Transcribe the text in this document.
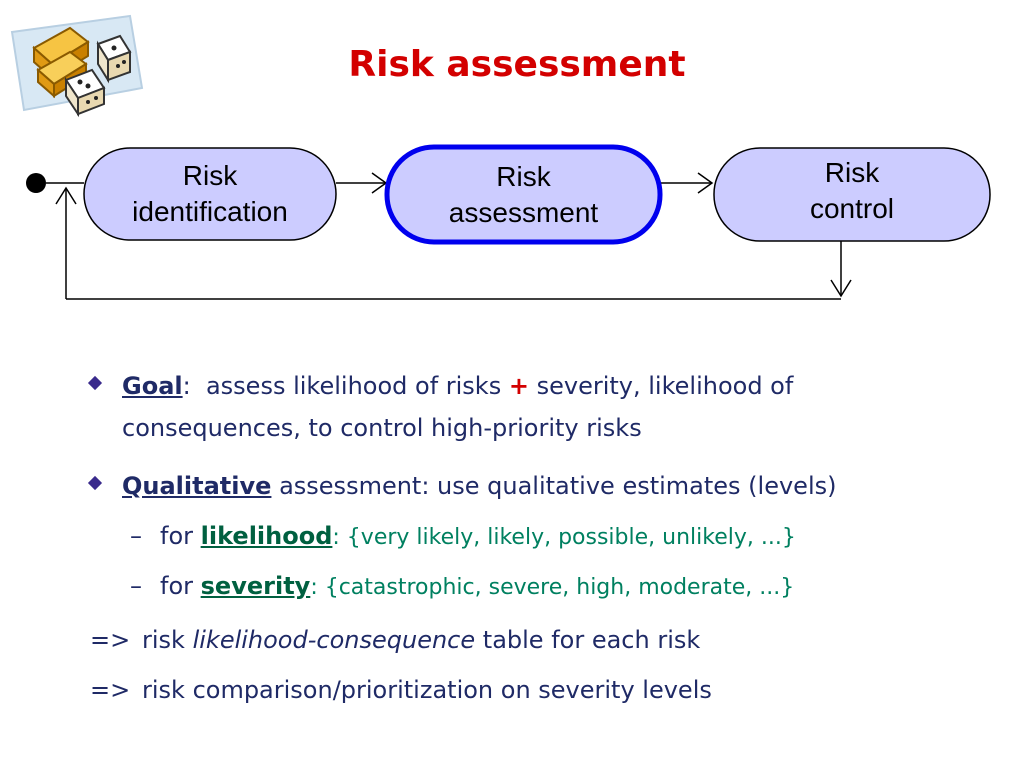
Risk assessment
Risk
identification
Risk
assessment
Risk
control
Goal: assess likelihood of risks + severity, likelihood of
consequences, to control high-priority risks
Qualitative assessment: use qualitative estimates (levels)
– for
likelihood : {very likely, likely, possible, unlikely, ...}
– for
severity : {catastrophic, severe, high, moderate, ...}
=> risk
likelihood-consequence
table for each risk
=> risk comparison/prioritization on severity levels
